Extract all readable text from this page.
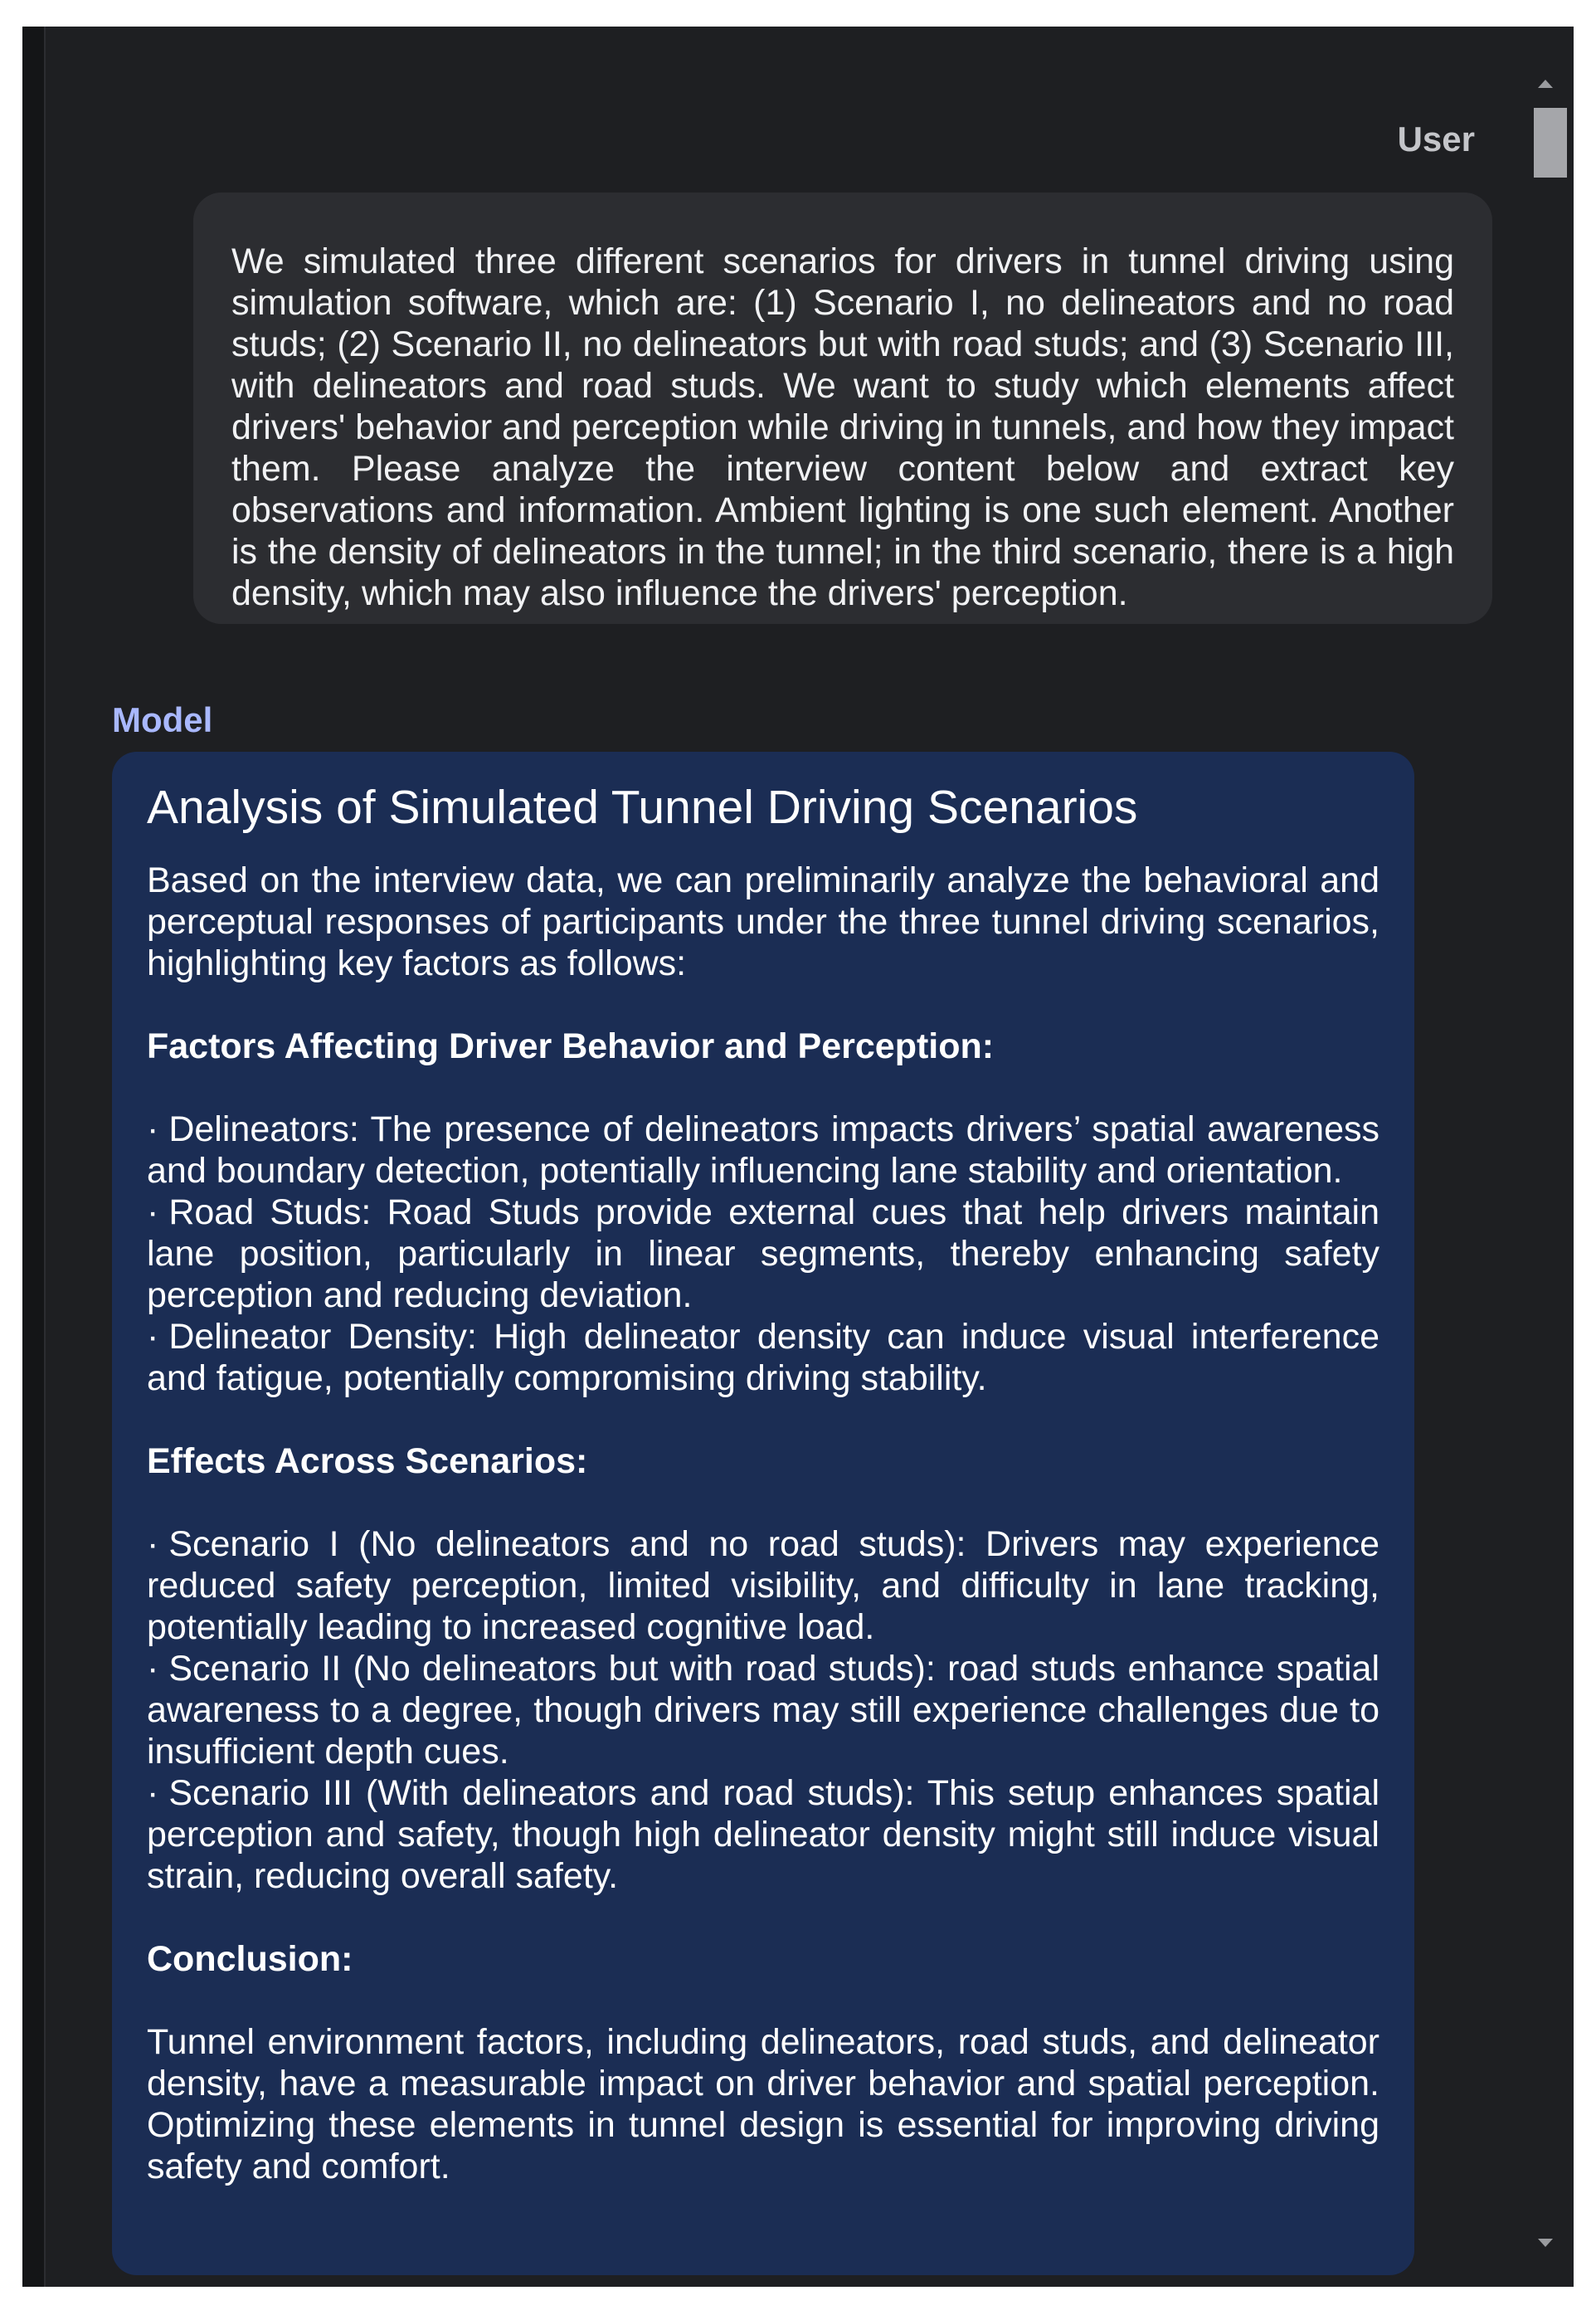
User
We simulated three different scenarios for drivers in tunnel driving using simulation software, which are: (1) Scenario I, no delineators and no road studs; (2) Scenario II, no delineators but with road studs; and (3) Scenario III, with delineators and road studs. We want to study which elements affect drivers' behavior and perception while driving in tunnels, and how they impact them. Please analyze the interview content below and extract key observations and information. Ambient lighting is one such element. Another is the density of delineators in the tunnel; in the third scenario, there is a high density, which may also influence the drivers' perception.
Model
Analysis of Simulated Tunnel Driving Scenarios

Based on the interview data, we can preliminarily analyze the behavioral and perceptual responses of participants under the three tunnel driving scenarios, highlighting key factors as follows:

Factors Affecting Driver Behavior and Perception:

· Delineators: The presence of delineators impacts drivers’ spatial awareness and boundary detection, potentially influencing lane stability and orientation.

· Road Studs: Road Studs provide external cues that help drivers maintain lane position, particularly in linear segments, thereby enhancing safety perception and reducing deviation.

· Delineator Density: High delineator density can induce visual interference and fatigue, potentially compromising driving stability.

Effects Across Scenarios:

· Scenario I (No delineators and no road studs): Drivers may experience reduced safety perception, limited visibility, and difficulty in lane tracking, potentially leading to increased cognitive load.

· Scenario II (No delineators but with road studs): road studs enhance spatial awareness to a degree, though drivers may still experience challenges due to insufficient depth cues.

· Scenario III (With delineators and road studs): This setup enhances spatial perception and safety, though high delineator density might still induce visual strain, reducing overall safety.

Conclusion:

Tunnel environment factors, including delineators, road studs, and delineator density, have a measurable impact on driver behavior and spatial perception. Optimizing these elements in tunnel design is essential for improving driving safety and comfort.
